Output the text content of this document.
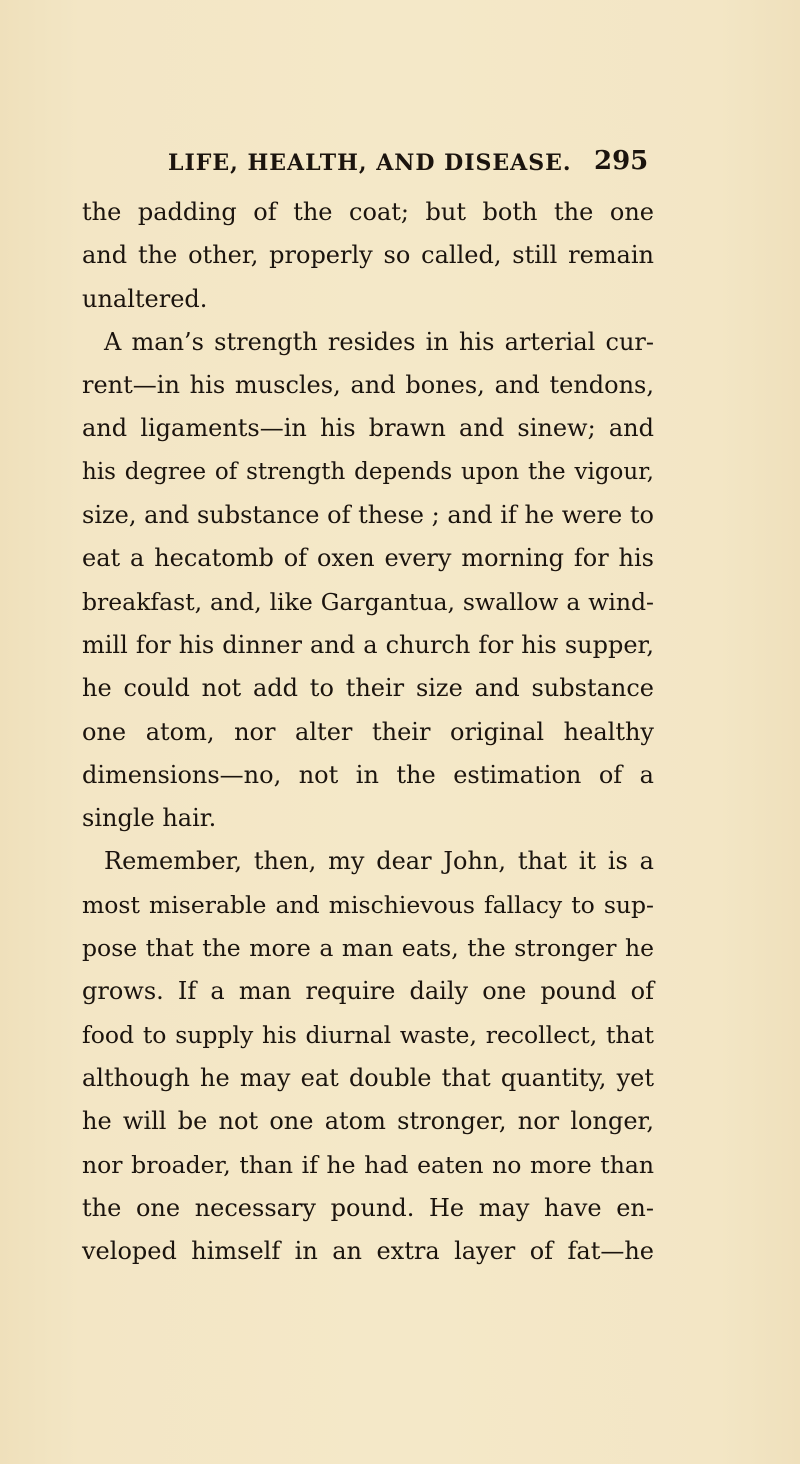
LIFE, HEALTH, AND DISEASE. 295
the padding of the coat; but both the one
and the other, properly so called, still remain
unaltered.
A man’s strength resides in his arterial cur-
rent—in his muscles, and bones, and tendons,
and ligaments—in his brawn and sinew; and
his degree of strength depends upon the vigour,
size, and substance of these ; and if he were to
eat a hecatomb of oxen every morning for his
breakfast, and, like Gargantua, swallow a wind-
mill for his dinner and a church for his supper,
he could not add to their size and substance
one atom, nor alter their original healthy
dimensions—no, not in the estimation of a
single hair.
Remember, then, my dear John, that it is a
most miserable and mischievous fallacy to sup-
pose that the more a man eats, the stronger he
grows. If a man require daily one pound of
food to supply his diurnal waste, recollect, that
although he may eat double that quantity, yet
he will be not one atom stronger, nor longer,
nor broader, than if he had eaten no more than
the one necessary pound. He may have en-
veloped himself in an extra layer of fat—he
